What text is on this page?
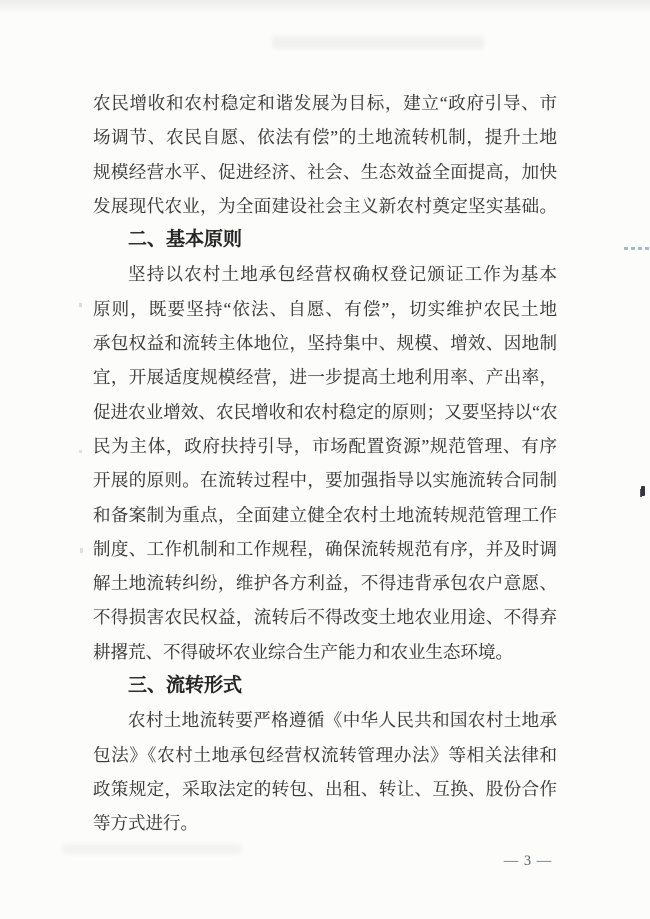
农民增收和农村稳定和谐发展为目标，建立“政府引导、市
场调节、农民自愿、依法有偿”的土地流转机制，提升土地
规模经营水平、促进经济、社会、生态效益全面提高，加快
发展现代农业，为全面建设社会主义新农村奠定坚实基础。
二、基本原则
坚持以农村土地承包经营权确权登记颁证工作为基本
原则，既要坚持“依法、自愿、有偿”，切实维护农民土地
承包权益和流转主体地位，坚持集中、规模、增效、因地制
宜，开展适度规模经营，进一步提高土地利用率、产出率，
促进农业增效、农民增收和农村稳定的原则；又要坚持以“农
民为主体，政府扶持引导，市场配置资源”规范管理、有序
开展的原则。在流转过程中，要加强指导以实施流转合同制
和备案制为重点，全面建立健全农村土地流转规范管理工作
制度、工作机制和工作规程，确保流转规范有序，并及时调
解土地流转纠纷，维护各方利益，不得违背承包农户意愿、
不得损害农民权益，流转后不得改变土地农业用途、不得弃
耕撂荒、不得破坏农业综合生产能力和农业生态环境。
三、流转形式
农村土地流转要严格遵循《中华人民共和国农村土地承
包法》《农村土地承包经营权流转管理办法》等相关法律和
政策规定，采取法定的转包、出租、转让、互换、股份合作
等方式进行。
— 3 —
